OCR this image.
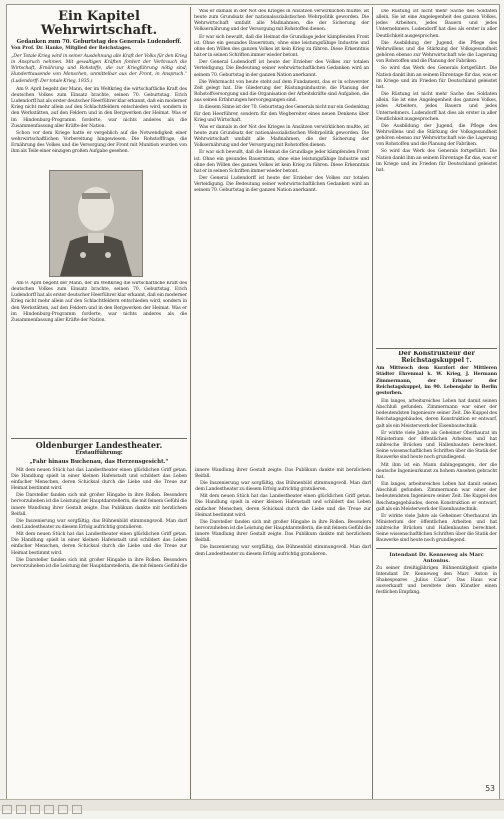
Ein Kapitel Wehrwirtschaft.
Gedanken zum 70. Geburtstag des Generals Ludendorff.
Von Prof. Dr. Hanke, Mitglied der Reichstages.
„Der Totale Krieg wird in seiner Ausdehnung alle Kraft der Volks für den Krieg in Anspruch nehmen. Mit gewaltigen Kräften fordert der Verbrauch die Wirtschaft, Ernährung und Rohstoffe, die zur Kriegführung nötig sind, Hunderttausende von Menschen, unmittelbar aus der Front, in Anspruch.“ (Ludendorff: Der totale Krieg, 1935.)

Am 9. April begeht der Mann, der im Weltkrieg die wirtschaftliche Kraft des deutschen Volkes zum Einsatz brachte, seinen 70. Geburtstag. Erich Ludendorff hat als erster deutscher Heerführer klar erkannt, daß ein moderner Krieg nicht mehr allein auf den Schlachtfeldern entschieden wird, sondern in den Werkstätten, auf den Feldern und in den Bergwerken der Heimat. Was er im Hindenburg-Programm forderte, war nichts anderes als die Zusammenfassung aller Kräfte der Nation.

Schon vor dem Kriege hatte er vergeblich auf die Notwendigkeit einer wehrwirtschaftlichen Vorbereitung hingewiesen. Die Rohstofffrage, die Ernährung des Volkes und die Versorgung der Front mit Munition wurden von ihm als Teile einer einzigen großen Aufgabe gesehen.

Am 9. April begeht der Mann, der im Weltkrieg die wirtschaftliche Kraft des deutschen Volkes zum Einsatz brachte, seinen 70. Geburtstag. Erich Ludendorff hat als erster deutscher Heerführer klar erkannt, daß ein moderner Krieg nicht mehr allein auf den Schlachtfeldern entschieden wird, sondern in den Werkstätten, auf den Feldern und in den Bergwerken der Heimat. Was er im Hindenburg-Programm forderte, war nichts anderes als die Zusammenfassung aller Kräfte der Nation.

Oldenburger Landestheater.
Erstaufführung:
„Fahr hinaus Buchenau, das Herzensgesicht.“

Mit dem neuen Stück hat das Landestheater einen glücklichen Griff getan. Die Handlung spielt in einer kleinen Hafenstadt und schildert das Leben einfacher Menschen, deren Schicksal durch die Liebe und die Treue zur Heimat bestimmt wird.

Die Darsteller fanden sich mit großer Hingabe in ihre Rollen. Besonders hervorzuheben ist die Leistung der Hauptdarstellerin, die mit feinem Gefühl die innere Wandlung ihrer Gestalt zeigte. Das Publikum dankte mit herzlichem Beifall.

Die Inszenierung war sorgfältig, das Bühnenbild stimmungsvoll. Man darf dem Landestheater zu diesem Erfolg aufrichtig gratulieren.

Mit dem neuen Stück hat das Landestheater einen glücklichen Griff getan. Die Handlung spielt in einer kleinen Hafenstadt und schildert das Leben einfacher Menschen, deren Schicksal durch die Liebe und die Treue zur Heimat bestimmt wird.

Die Darsteller fanden sich mit großer Hingabe in ihre Rollen. Besonders hervorzuheben ist die Leistung der Hauptdarstellerin, die mit feinem Gefühl die innere Wandlung ihrer Gestalt zeigte. Das Publikum dankte mit herzlichem Beifall.

Die Inszenierung war sorgfältig, das Bühnenbild stimmungsvoll. Man darf dem Landestheater zu diesem Erfolg aufrichtig gratulieren.

Mit dem neuen Stück hat das Landestheater einen glücklichen Griff getan. Die Handlung spielt in einer kleinen Hafenstadt und schildert das Leben einfacher Menschen, deren Schicksal durch die Liebe und die Treue zur Heimat bestimmt wird.

Die Darsteller fanden sich mit großer Hingabe in ihre Rollen. Besonders hervorzuheben ist die Leistung der Hauptdarstellerin, die mit feinem Gefühl die innere Wandlung ihrer Gestalt zeigte. Das Publikum dankte mit herzlichem Beifall.

Die Inszenierung war sorgfältig, das Bühnenbild stimmungsvoll. Man darf dem Landestheater zu diesem Erfolg aufrichtig gratulieren.

Was er damals in der Not des Krieges in Ansätzen verwirklichen mußte, ist heute zum Grundsatz der nationalsozialistischen Wehrpolitik geworden. Die Wehrwirtschaft umfaßt alle Maßnahmen, die der Sicherung der Volksernährung und der Versorgung mit Rohstoffen dienen.

Er war sich bewußt, daß die Heimat die Grundlage jeder kämpfenden Front ist. Ohne ein gesundes Bauerntum, ohne eine leistungsfähige Industrie und ohne den Willen des ganzen Volkes ist kein Krieg zu führen. Diese Erkenntnis hat er in seinen Schriften immer wieder betont.

Der General Ludendorff ist heute der Erzieher des Volkes zur totalen Verteidigung. Die Bedeutung seiner wehrwirtschaftlichen Gedanken wird an seinem 70. Geburtstag in der ganzen Nation anerkannt.

Die Wehrmacht von heute steht auf dem Fundament, das er in schwerster Zeit gelegt hat. Die Gliederung der Rüstungsindustrie, die Planung der Rohstoffversorgung und die Organisation der Arbeitskräfte sind Aufgaben, die aus seinen Erfahrungen hervorgegangen sind.

In diesem Sinne ist der 70. Geburtstag des Generals nicht nur ein Gedenktag für den Heerführer, sondern für den Wegbereiter eines neuen Denkens über Krieg und Wirtschaft.

Was er damals in der Not des Krieges in Ansätzen verwirklichen mußte, ist heute zum Grundsatz der nationalsozialistischen Wehrpolitik geworden. Die Wehrwirtschaft umfaßt alle Maßnahmen, die der Sicherung der Volksernährung und der Versorgung mit Rohstoffen dienen.

Er war sich bewußt, daß die Heimat die Grundlage jeder kämpfenden Front ist. Ohne ein gesundes Bauerntum, ohne eine leistungsfähige Industrie und ohne den Willen des ganzen Volkes ist kein Krieg zu führen. Diese Erkenntnis hat er in seinen Schriften immer wieder betont.

Der General Ludendorff ist heute der Erzieher des Volkes zur totalen Verteidigung. Die Bedeutung seiner wehrwirtschaftlichen Gedanken wird an seinem 70. Geburtstag in der ganzen Nation anerkannt.

Die Rüstung ist nicht mehr Sache des Soldaten allein. Sie ist eine Angelegenheit des ganzen Volkes, jedes Arbeiters, jedes Bauern und jedes Unternehmers. Ludendorff hat dies als erster in aller Deutlichkeit ausgesprochen.

Die Ausbildung der Jugend, die Pflege des Wehrwillens und die Stärkung der Volksgesundheit gehören ebenso zur Wehrwirtschaft wie die Lagerung von Rohstoffen und die Planung der Fabriken.

So wird das Werk des Generals fortgeführt. Die Nation dankt ihm an seinem Ehrentage für das, was er im Kriege und im Frieden für Deutschland geleistet hat.

Die Rüstung ist nicht mehr Sache des Soldaten allein. Sie ist eine Angelegenheit des ganzen Volkes, jedes Arbeiters, jedes Bauern und jedes Unternehmers. Ludendorff hat dies als erster in aller Deutlichkeit ausgesprochen.

Die Ausbildung der Jugend, die Pflege des Wehrwillens und die Stärkung der Volksgesundheit gehören ebenso zur Wehrwirtschaft wie die Lagerung von Rohstoffen und die Planung der Fabriken.

So wird das Werk des Generals fortgeführt. Die Nation dankt ihm an seinem Ehrentage für das, was er im Kriege und im Frieden für Deutschland geleistet hat.

Der Konstrukteur der Reichstagskuppel †.
Am Mittwoch dem Kurzfort der Mittleren Städter Ehrenmal k. W. Krieg, J. Hermann Zimmermann, der Erbauer der Reichstagskuppel, im 90. Lebensjahr in Berlin gestorben.

Ein langes, arbeitsreiches Leben hat damit seinen Abschluß gefunden. Zimmermann war einer der bedeutendsten Ingenieure seiner Zeit. Die Kuppel des Reichstagsgebäudes, deren Konstruktion er entwarf, galt als ein Meisterwerk der Eisenbautechnik.

Er wirkte viele Jahre als Geheimer Oberbaurat im Ministerium der öffentlichen Arbeiten und hat zahlreiche Brücken und Hallenbauten berechnet. Seine wissenschaftlichen Schriften über die Statik der Bauwerke sind heute noch grundlegend.

Mit ihm ist ein Mann dahingegangen, der die deutsche Ingenieurkunst zu hohem Ansehen gebracht hat.

Ein langes, arbeitsreiches Leben hat damit seinen Abschluß gefunden. Zimmermann war einer der bedeutendsten Ingenieure seiner Zeit. Die Kuppel des Reichstagsgebäudes, deren Konstruktion er entwarf, galt als ein Meisterwerk der Eisenbautechnik.

Er wirkte viele Jahre als Geheimer Oberbaurat im Ministerium der öffentlichen Arbeiten und hat zahlreiche Brücken und Hallenbauten berechnet. Seine wissenschaftlichen Schriften über die Statik der Bauwerke sind heute noch grundlegend.

Intendant Dr. Kenneweg als Marc Antonius.
Zu seiner dreißigjährigen Bühnentätigkeit spielte Intendant Dr. Kenneweg den Marc Anton in Shakespeares „Julius Cäsar“. Das Haus war ausverkauft und bereitete dem Künstler einen festlichen Empfang.
53
